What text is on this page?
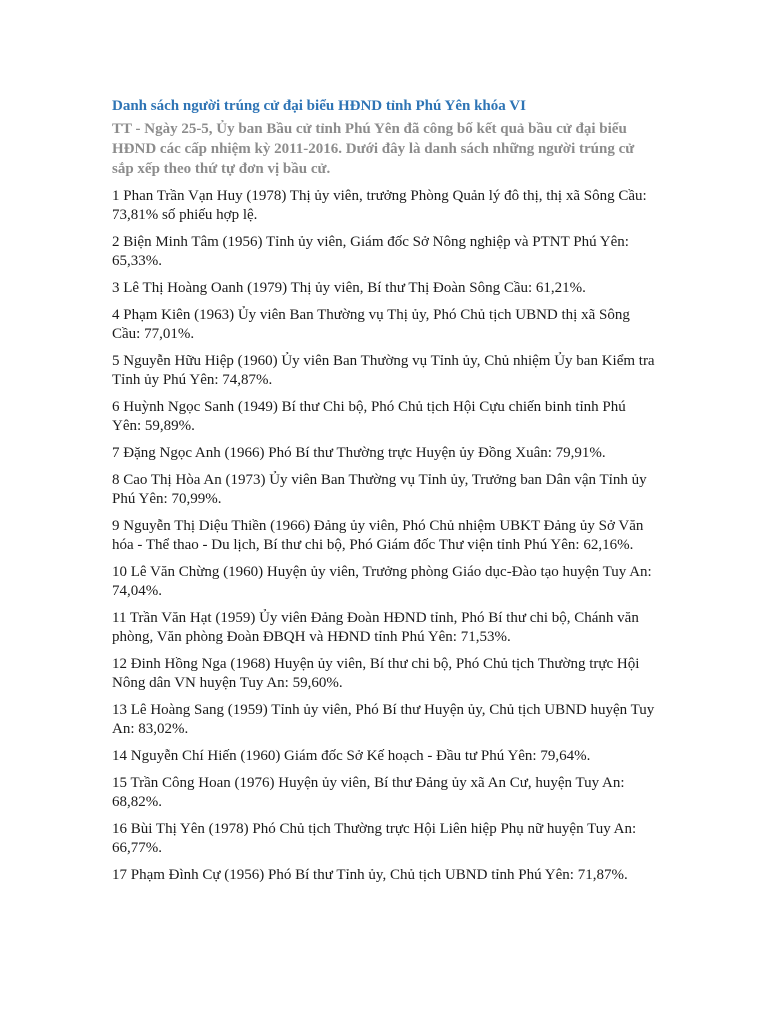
Danh sách người trúng cử đại biểu HĐND tỉnh Phú Yên khóa VI
TT - Ngày 25-5, Ủy ban Bầu cử tỉnh Phú Yên đã công bố kết quả bầu cử đại biểu HĐND các cấp nhiệm kỳ 2011-2016. Dưới đây là danh sách những người trúng cử sắp xếp theo thứ tự đơn vị bầu cử.
1 Phan Trần Vạn Huy (1978) Thị ủy viên, trưởng Phòng Quản lý đô thị, thị xã Sông Cầu: 73,81% số phiếu hợp lệ.
2 Biện Minh Tâm (1956) Tỉnh ủy viên, Giám đốc Sở Nông nghiệp và PTNT Phú Yên: 65,33%.
3 Lê Thị Hoàng Oanh (1979) Thị ủy viên, Bí thư Thị Đoàn Sông Cầu: 61,21%.
4 Phạm Kiên (1963) Ủy viên Ban Thường vụ Thị ủy, Phó Chủ tịch UBND thị xã Sông Cầu: 77,01%.
5 Nguyễn Hữu Hiệp (1960) Ủy viên Ban Thường vụ Tỉnh ủy, Chủ nhiệm Ủy ban Kiểm tra Tỉnh ủy Phú Yên: 74,87%.
6 Huỳnh Ngọc Sanh (1949) Bí thư Chi bộ, Phó Chủ tịch Hội Cựu chiến binh tỉnh Phú Yên: 59,89%.
7 Đặng Ngọc Anh (1966) Phó Bí thư Thường trực Huyện ủy Đồng Xuân: 79,91%.
8 Cao Thị Hòa An (1973) Ủy viên Ban Thường vụ Tỉnh ủy, Trưởng ban Dân vận Tỉnh ủy Phú Yên: 70,99%.
9 Nguyễn Thị Diệu Thiền (1966) Đảng ủy viên, Phó Chủ nhiệm UBKT Đảng ủy Sở Văn hóa - Thể thao - Du lịch, Bí thư chi bộ, Phó Giám đốc Thư viện tỉnh Phú Yên: 62,16%.
10 Lê Văn Chừng (1960) Huyện ủy viên, Trưởng phòng Giáo dục-Đào tạo huyện Tuy An: 74,04%.
11 Trần Văn Hạt (1959) Ủy viên Đảng Đoàn HĐND tỉnh, Phó Bí thư chi bộ, Chánh văn phòng, Văn phòng Đoàn ĐBQH và HĐND tỉnh Phú Yên: 71,53%.
12 Đinh Hồng Nga (1968) Huyện ủy viên, Bí thư chi bộ, Phó Chủ tịch Thường trực Hội Nông dân VN huyện Tuy An: 59,60%.
13 Lê Hoàng Sang (1959) Tỉnh ủy viên, Phó Bí thư Huyện ủy, Chủ tịch UBND huyện Tuy An: 83,02%.
14 Nguyễn Chí Hiến (1960) Giám đốc Sở Kế hoạch - Đầu tư Phú Yên: 79,64%.
15 Trần Công Hoan (1976) Huyện ủy viên, Bí thư Đảng ủy xã An Cư, huyện Tuy An: 68,82%.
16 Bùi Thị Yên (1978) Phó Chủ tịch Thường trực Hội Liên hiệp Phụ nữ huyện Tuy An: 66,77%.
17 Phạm Đình Cự (1956) Phó Bí thư Tỉnh ủy, Chủ tịch UBND tỉnh Phú Yên: 71,87%.
